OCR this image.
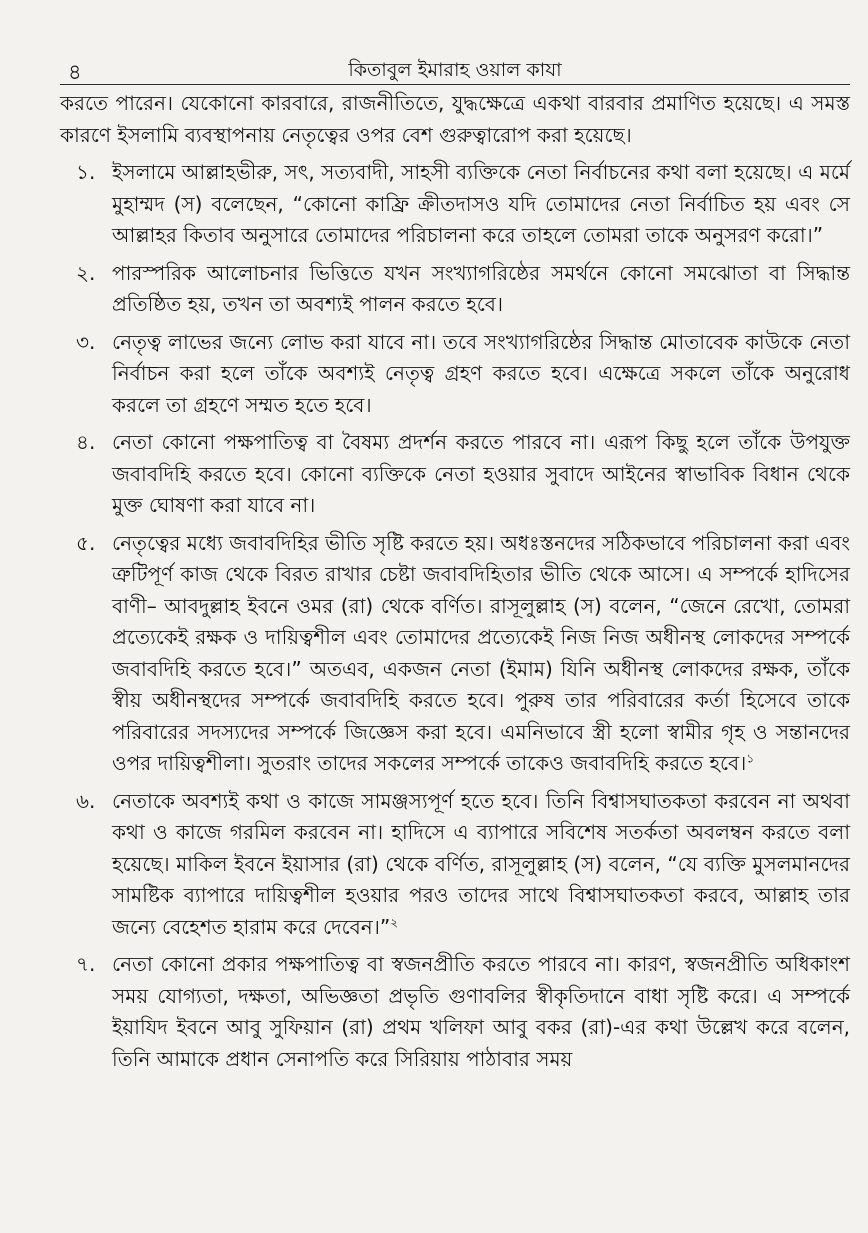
৪	কিতাবুল ইমারাহ ওয়াল কাযা

করতে পারেন। যেকোনো কারবারে, রাজনীতিতে, যুদ্ধক্ষেত্রে একথা বারবার প্রমাণিত হয়েছে। এ সমস্ত কারণে ইসলামি ব্যবস্থাপনায় নেতৃত্বের ওপর বেশ গুরুত্বারোপ করা হয়েছে।

১. ইসলামে আল্লাহভীরু, সৎ, সত্যবাদী, সাহসী ব্যক্তিকে নেতা নির্বাচনের কথা বলা হয়েছে। এ মর্মে মুহাম্মদ (স) বলেছেন, “কোনো কাফ্রি ক্রীতদাসও যদি তোমাদের নেতা নির্বাচিত হয় এবং সে আল্লাহর কিতাব অনুসারে তোমাদের পরিচালনা করে তাহলে তোমরা তাকে অনুসরণ করো।”
২. পারস্পরিক আলোচনার ভিত্তিতে যখন সংখ্যাগরিষ্ঠের সমর্থনে কোনো সমঝোতা বা সিদ্ধান্ত প্রতিষ্ঠিত হয়, তখন তা অবশ্যই পালন করতে হবে।
৩. নেতৃত্ব লাভের জন্যে লোভ করা যাবে না। তবে সংখ্যাগরিষ্ঠের সিদ্ধান্ত মোতাবেক কাউকে নেতা নির্বাচন করা হলে তাঁকে অবশ্যই নেতৃত্ব গ্রহণ করতে হবে। এক্ষেত্রে সকলে তাঁকে অনুরোধ করলে তা গ্রহণে সম্মত হতে হবে।
৪. নেতা কোনো পক্ষপাতিত্ব বা বৈষম্য প্রদর্শন করতে পারবে না। এরূপ কিছু হলে তাঁকে উপযুক্ত জবাবদিহি করতে হবে। কোনো ব্যক্তিকে নেতা হওয়ার সুবাদে আইনের স্বাভাবিক বিধান থেকে মুক্ত ঘোষণা করা যাবে না।
৫. নেতৃত্বের মধ্যে জবাবদিহির ভীতি সৃষ্টি করতে হয়। অধঃস্তনদের সঠিকভাবে পরিচালনা করা এবং ত্রুটিপূর্ণ কাজ থেকে বিরত রাখার চেষ্টা জবাবদিহিতার ভীতি থেকে আসে। এ সম্পর্কে হাদিসের বাণী– আবদুল্লাহ ইবনে ওমর (রা) থেকে বর্ণিত। রাসূলুল্লাহ (স) বলেন, “জেনে রেখো, তোমরা প্রত্যেকেই রক্ষক ও দায়িত্বশীল এবং তোমাদের প্রত্যেকেই নিজ নিজ অধীনস্থ লোকদের সম্পর্কে জবাবদিহি করতে হবে।” অতএব, একজন নেতা (ইমাম) যিনি অধীনস্থ লোকদের রক্ষক, তাঁকে স্বীয় অধীনস্থদের সম্পর্কে জবাবদিহি করতে হবে। পুরুষ তার পরিবারের কর্তা হিসেবে তাকে পরিবারের সদস্যদের সম্পর্কে জিজ্ঞেস করা হবে। এমনিভাবে স্ত্রী হলো স্বামীর গৃহ ও সন্তানদের ওপর দায়িত্বশীলা। সুতরাং তাদের সকলের সম্পর্কে তাকেও জবাবদিহি করতে হবে।$^১$
৬. নেতাকে অবশ্যই কথা ও কাজে সামঞ্জস্যপূর্ণ হতে হবে। তিনি বিশ্বাসঘাতকতা করবেন না অথবা কথা ও কাজে গরমিল করবেন না। হাদিসে এ ব্যাপারে সবিশেষ সতর্কতা অবলম্বন করতে বলা হয়েছে। মাকিল ইবনে ইয়াসার (রা) থেকে বর্ণিত, রাসূলুল্লাহ (স) বলেন, “যে ব্যক্তি মুসলমানদের সামষ্টিক ব্যাপারে দায়িত্বশীল হওয়ার পরও তাদের সাথে বিশ্বাসঘাতকতা করবে, আল্লাহ তার জন্যে বেহেশত হারাম করে দেবেন।”$^২$
৭. নেতা কোনো প্রকার পক্ষপাতিত্ব বা স্বজনপ্রীতি করতে পারবে না। কারণ, স্বজনপ্রীতি অধিকাংশ সময় যোগ্যতা, দক্ষতা, অভিজ্ঞতা প্রভৃতি গুণাবলির স্বীকৃতিদানে বাধা সৃষ্টি করে। এ সম্পর্কে ইয়াযিদ ইবনে আবু সুফিয়ান (রা) প্রথম খলিফা আবু বকর (রা)-এর কথা উল্লেখ করে বলেন, তিনি আমাকে প্রধান সেনাপতি করে সিরিয়ায় পাঠাবার সময়
